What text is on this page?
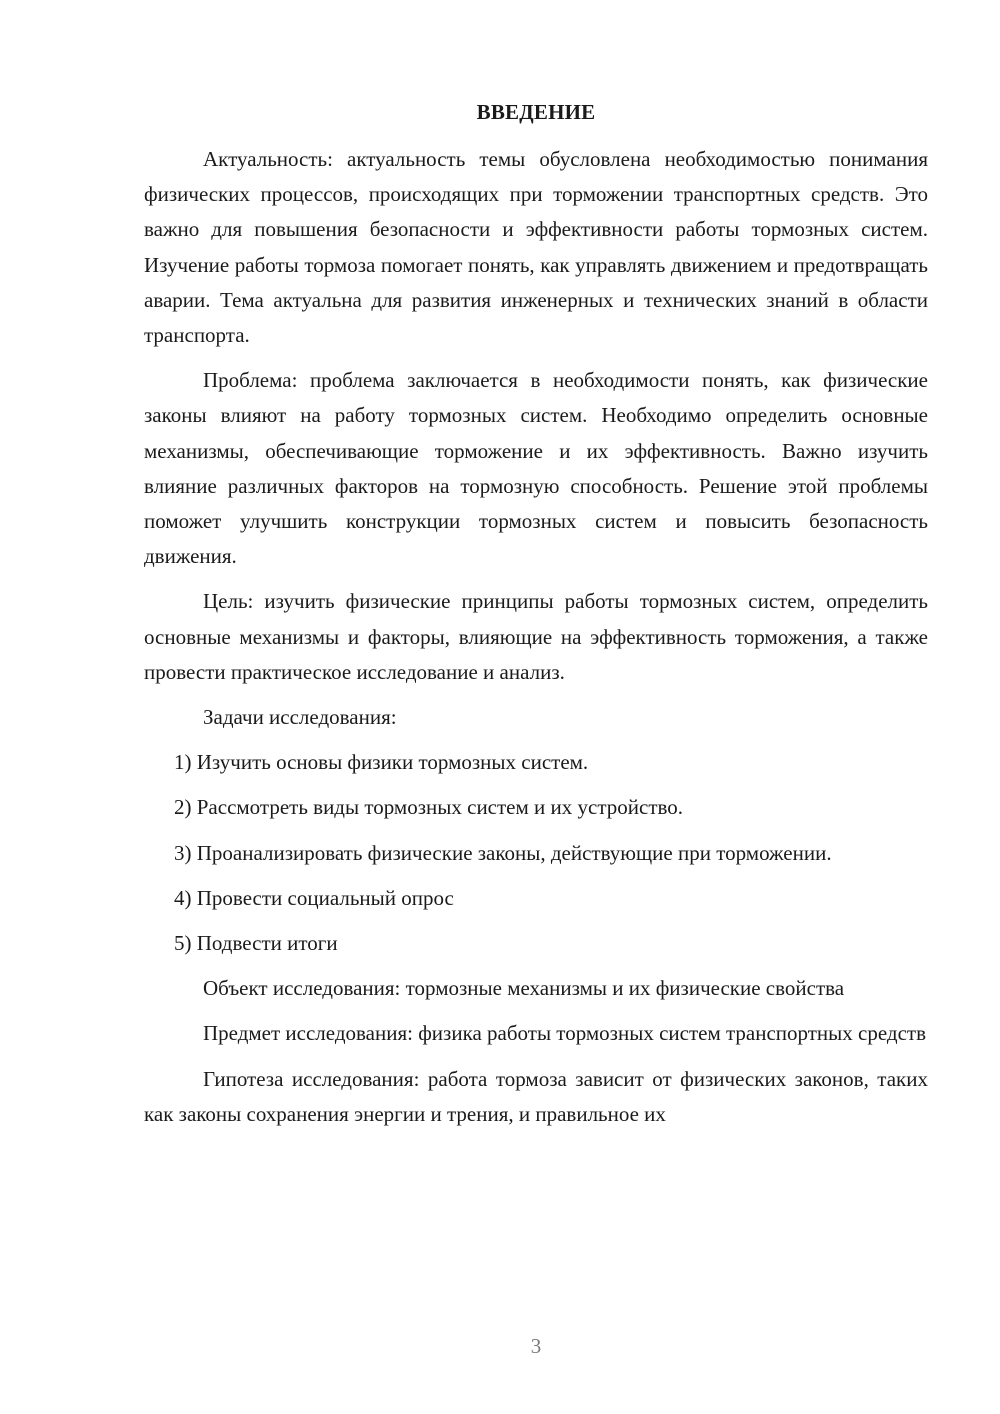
ВВЕДЕНИЕ

Актуальность: актуальность темы обусловлена необходимостью понимания физических процессов, происходящих при торможении транспортных средств. Это важно для повышения безопасности и эффективности работы тормозных систем. Изучение работы тормоза помогает понять, как управлять движением и предотвращать аварии. Тема актуальна для развития инженерных и технических знаний в области транспорта.

Проблема: проблема заключается в необходимости понять, как физические законы влияют на работу тормозных систем. Необходимо определить основные механизмы, обеспечивающие торможение и их эффективность. Важно изучить влияние различных факторов на тормозную способность. Решение этой проблемы поможет улучшить конструкции тормозных систем и повысить безопасность движения.

Цель: изучить физические принципы работы тормозных систем, определить основные механизмы и факторы, влияющие на эффективность торможения, а также провести практическое исследование и анализ.

Задачи исследования:

1) Изучить основы физики тормозных систем.

2) Рассмотреть виды тормозных систем и их устройство.

3) Проанализировать физические законы, действующие при торможении.

4) Провести социальный опрос

5) Подвести итоги

Объект исследования: тормозные механизмы и их физические свойства

Предмет исследования: физика работы тормозных систем транспортных средств

Гипотеза исследования: работа тормоза зависит от физических законов, таких как законы сохранения энергии и трения, и правильное их

3
